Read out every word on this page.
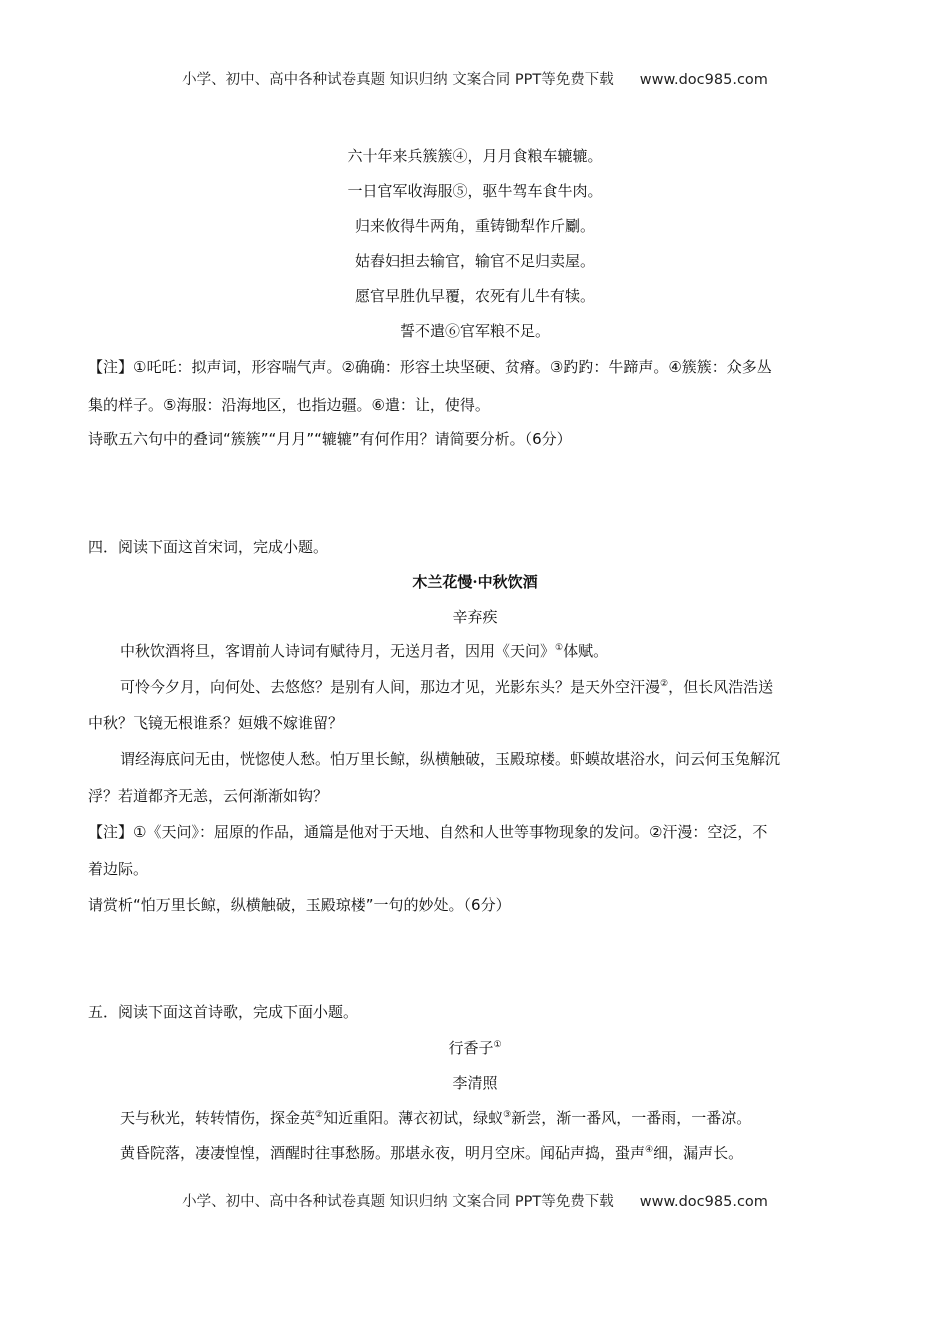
小学、初中、高中各种试卷真题 知识归纳 文案合同 PPT等免费下载 www.doc985.com
六十年来兵簇簇④，月月食粮车辘辘。
一日官军收海服⑤，驱牛驾车食牛肉。
归来攸得牛两角，重铸锄犁作斤劚。
姑舂妇担去输官，输官不足归卖屋。
愿官早胜仇早覆，农死有儿牛有犊。
誓不遣⑥官军粮不足。
【注】①吒吒：拟声词，形容喘气声。②确确：形容土块坚硬、贫瘠。③趵趵：牛蹄声。④簇簇：众多丛
集的样子。⑤海服：沿海地区，也指边疆。⑥遣：让，使得。
诗歌五六句中的叠词“簇簇”“月月”“辘辘”有何作用？请简要分析。（6分）
四．阅读下面这首宋词，完成小题。
木兰花慢·中秋饮酒
辛弃疾
中秋饮酒将旦，客谓前人诗词有赋待月，无送月者，因用《天问》①体赋。
可怜今夕月，向何处、去悠悠？是别有人间，那边才见，光影东头？是天外空汗漫②，但长风浩浩送
中秋？飞镜无根谁系？姮娥不嫁谁留？
谓经海底问无由，恍惚使人愁。怕万里长鲸，纵横触破，玉殿琼楼。虾蟆故堪浴水，问云何玉兔解沉
浮？若道都齐无恙，云何渐渐如钩？
【注】①《天问》：屈原的作品，通篇是他对于天地、自然和人世等事物现象的发问。②汗漫：空泛，不
着边际。
请赏析“怕万里长鲸，纵横触破，玉殿琼楼”一句的妙处。（6分）
五．阅读下面这首诗歌，完成下面小题。
行香子①
李清照
天与秋光，转转情伤，探金英②知近重阳。薄衣初试，绿蚁③新尝，渐一番风，一番雨，一番凉。
黄昏院落，凄凄惶惶，酒醒时往事愁肠。那堪永夜，明月空床。闻砧声捣，蛩声④细，漏声长。
小学、初中、高中各种试卷真题 知识归纳 文案合同 PPT等免费下载 www.doc985.com
